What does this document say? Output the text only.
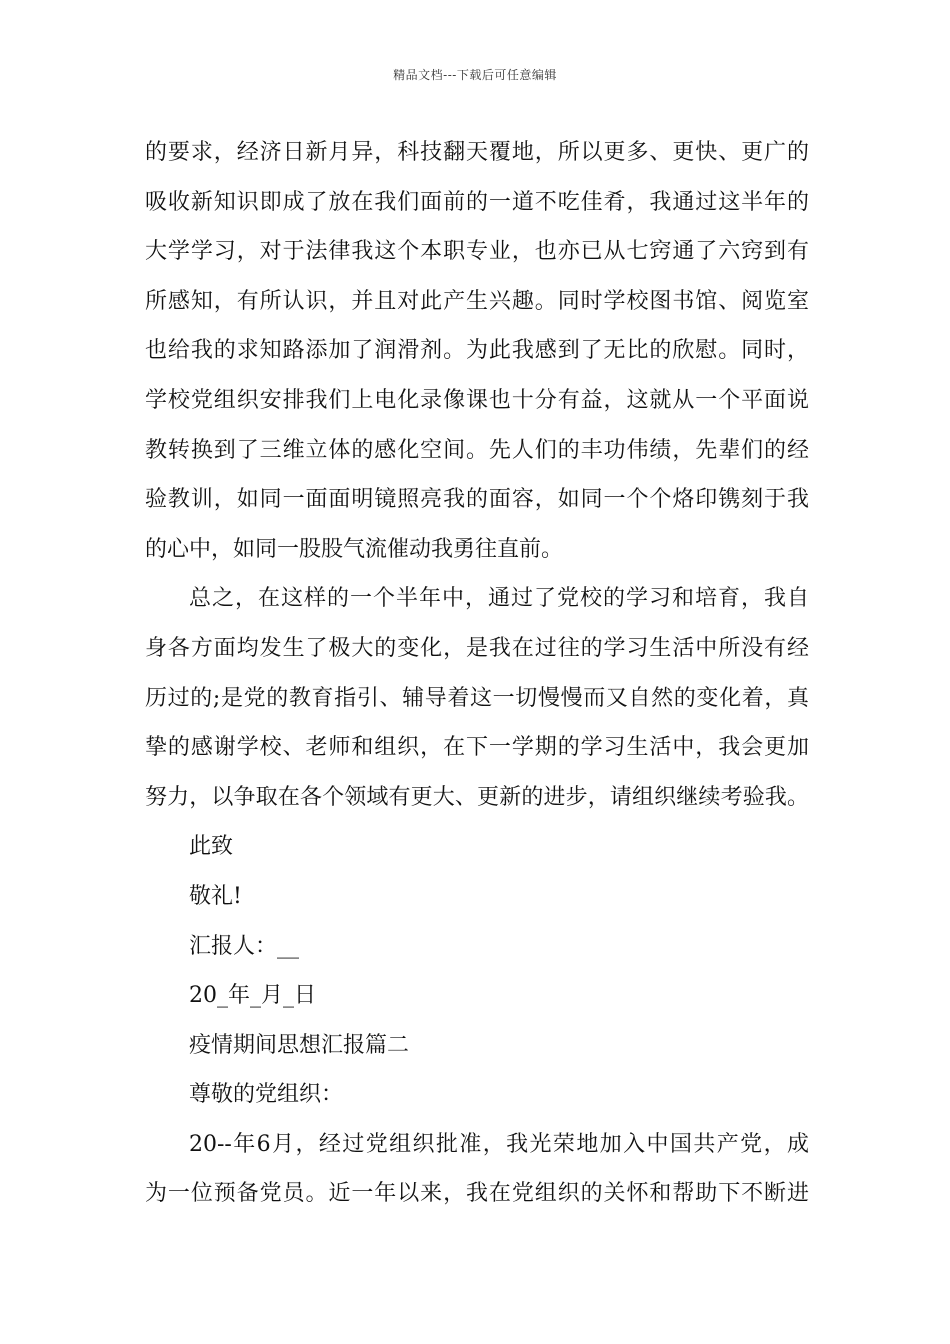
精品文档---下载后可任意编辑
的要求，经济日新月异，科技翻天覆地，所以更多、更快、更广的
吸收新知识即成了放在我们面前的一道不吃佳肴，我通过这半年的
大学学习，对于法律我这个本职专业，也亦已从七窍通了六窍到有
所感知，有所认识，并且对此产生兴趣。同时学校图书馆、阅览室
也给我的求知路添加了润滑剂。为此我感到了无比的欣慰。同时，
学校党组织安排我们上电化录像课也十分有益，这就从一个平面说
教转换到了三维立体的感化空间。先人们的丰功伟绩，先辈们的经
验教训，如同一面面明镜照亮我的面容，如同一个个烙印镌刻于我
的心中，如同一股股气流催动我勇往直前。
总之，在这样的一个半年中，通过了党校的学习和培育，我自
身各方面均发生了极大的变化，是我在过往的学习生活中所没有经
历过的;是党的教育指引、辅导着这一切慢慢而又自然的变化着，真
挚的感谢学校、老师和组织，在下一学期的学习生活中，我会更加
努力，以争取在各个领域有更大、更新的进步，请组织继续考验我。
此致
敬礼!
汇报人：__
20_年_月_日
疫情期间思想汇报篇二
尊敬的党组织：
20--年6月，经过党组织批准，我光荣地加入中国共产党，成
为一位预备党员。近一年以来，我在党组织的关怀和帮助下不断进
